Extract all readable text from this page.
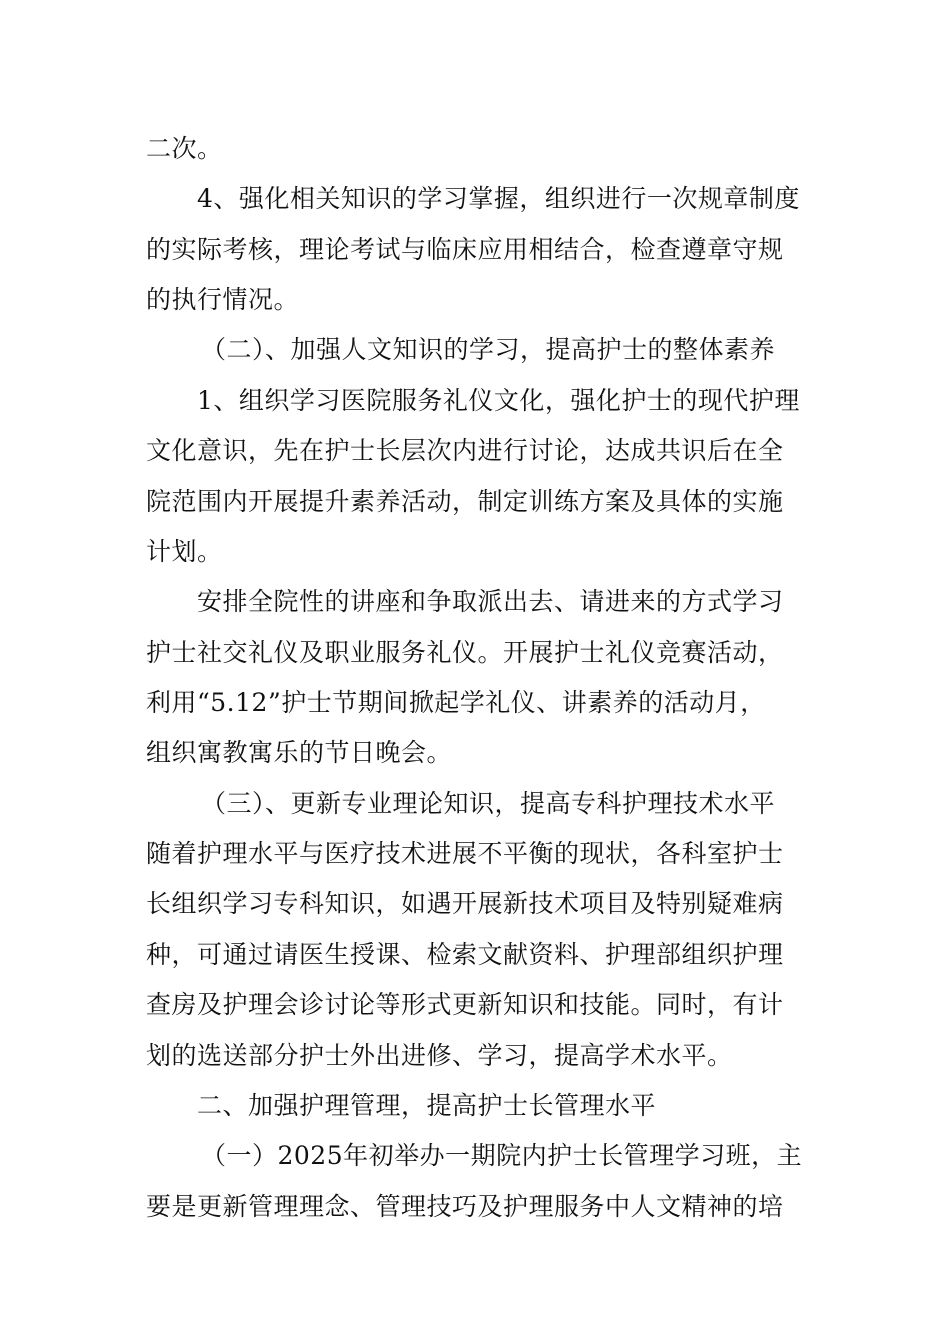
二次。
4、强化相关知识的学习掌握，组织进行一次规章制度
的实际考核，理论考试与临床应用相结合，检查遵章守规
的执行情况。
（二）、加强人文知识的学习，提高护士的整体素养
1、组织学习医院服务礼仪文化，强化护士的现代护理
文化意识，先在护士长层次内进行讨论，达成共识后在全
院范围内开展提升素养活动，制定训练方案及具体的实施
计划。
安排全院性的讲座和争取派出去、请进来的方式学习
护士社交礼仪及职业服务礼仪。开展护士礼仪竞赛活动，
利用“5.12”护士节期间掀起学礼仪、讲素养的活动月，
组织寓教寓乐的节日晚会。
（三）、更新专业理论知识，提高专科护理技术水平
随着护理水平与医疗技术进展不平衡的现状，各科室护士
长组织学习专科知识，如遇开展新技术项目及特别疑难病
种，可通过请医生授课、检索文献资料、护理部组织护理
查房及护理会诊讨论等形式更新知识和技能。同时，有计
划的选送部分护士外出进修、学习，提高学术水平。
二、加强护理管理，提高护士长管理水平
（一）2025年初举办一期院内护士长管理学习班，主
要是更新管理理念、管理技巧及护理服务中人文精神的培
